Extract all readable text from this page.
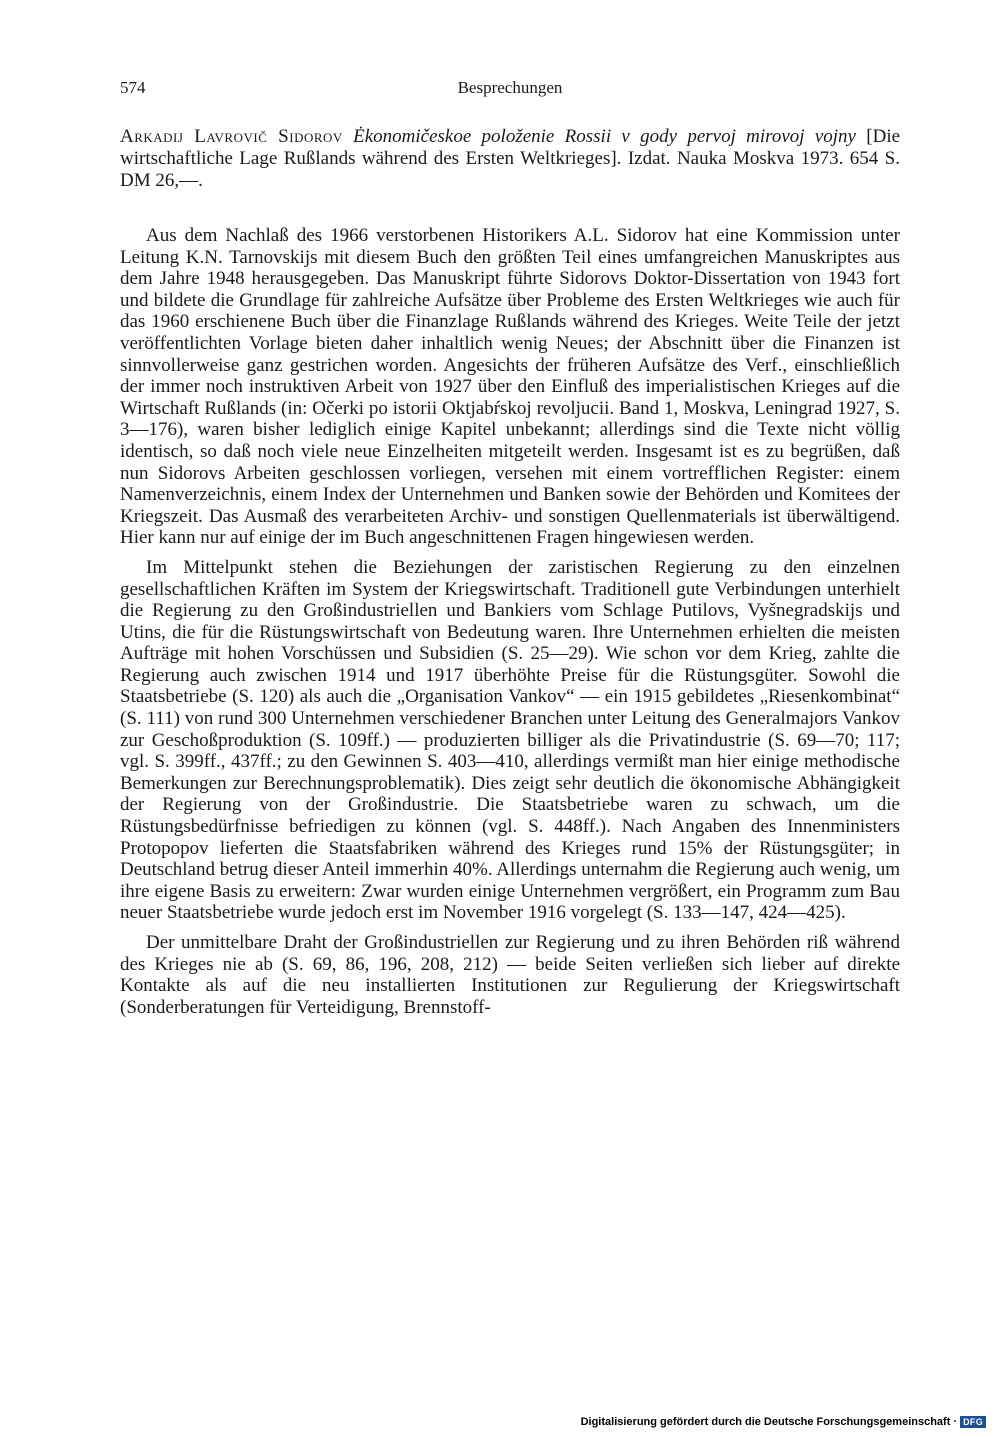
574	Besprechungen
Arkadij Lavrovič Sidorov Ėkonomičeskoe položenie Rossii v gody pervoj mirovoj vojny [Die wirtschaftliche Lage Rußlands während des Ersten Weltkrieges]. Izdat. Nauka Moskva 1973. 654 S. DM 26,—.

Aus dem Nachlaß des 1966 verstorbenen Historikers A.L. Sidorov hat eine Kommission unter Leitung K.N. Tarnovskijs mit diesem Buch den größten Teil eines umfangreichen Manuskriptes aus dem Jahre 1948 herausgegeben. Das Manuskript führte Sidorovs Doktor-Dissertation von 1943 fort und bildete die Grundlage für zahlreiche Aufsätze über Probleme des Ersten Weltkrieges wie auch für das 1960 erschienene Buch über die Finanzlage Rußlands während des Krieges. Weite Teile der jetzt veröffentlichten Vorlage bieten daher inhaltlich wenig Neues; der Abschnitt über die Finanzen ist sinnvollerweise ganz gestrichen worden. Angesichts der früheren Aufsätze des Verf., einschließlich der immer noch instruktiven Arbeit von 1927 über den Einfluß des imperialistischen Krieges auf die Wirtschaft Rußlands (in: Očerki po istorii Oktjabŕskoj revoljucii. Band 1, Moskva, Leningrad 1927, S. 3—176), waren bisher lediglich einige Kapitel unbekannt; allerdings sind die Texte nicht völlig identisch, so daß noch viele neue Einzelheiten mitgeteilt werden. Insgesamt ist es zu begrüßen, daß nun Sidorovs Arbeiten geschlossen vorliegen, versehen mit einem vortrefflichen Register: einem Namenverzeichnis, einem Index der Unternehmen und Banken sowie der Behörden und Komitees der Kriegszeit. Das Ausmaß des verarbeiteten Archiv- und sonstigen Quellenmaterials ist überwältigend. Hier kann nur auf einige der im Buch angeschnittenen Fragen hingewiesen werden.

Im Mittelpunkt stehen die Beziehungen der zaristischen Regierung zu den einzelnen gesellschaftlichen Kräften im System der Kriegswirtschaft. Traditionell gute Verbindungen unterhielt die Regierung zu den Großindustriellen und Bankiers vom Schlage Putilovs, Vyšnegradskijs und Utins, die für die Rüstungswirtschaft von Bedeutung waren. Ihre Unternehmen erhielten die meisten Aufträge mit hohen Vorschüssen und Subsidien (S. 25—29). Wie schon vor dem Krieg, zahlte die Regierung auch zwischen 1914 und 1917 überhöhte Preise für die Rüstungsgüter. Sowohl die Staatsbetriebe (S. 120) als auch die „Organisation Vankov“ — ein 1915 gebildetes „Riesenkombinat“ (S. 111) von rund 300 Unternehmen verschiedener Branchen unter Leitung des Generalmajors Vankov zur Geschoßproduktion (S. 109ff.) — produzierten billiger als die Privatindustrie (S. 69—70; 117; vgl. S. 399ff., 437ff.; zu den Gewinnen S. 403—410, allerdings vermißt man hier einige methodische Bemerkungen zur Berechnungsproblematik). Dies zeigt sehr deutlich die ökonomische Abhängigkeit der Regierung von der Großindustrie. Die Staatsbetriebe waren zu schwach, um die Rüstungsbedürfnisse befriedigen zu können (vgl. S. 448ff.). Nach Angaben des Innenministers Protopopov lieferten die Staatsfabriken während des Krieges rund 15% der Rüstungsgüter; in Deutschland betrug dieser Anteil immerhin 40%. Allerdings unternahm die Regierung auch wenig, um ihre eigene Basis zu erweitern: Zwar wurden einige Unternehmen vergrößert, ein Programm zum Bau neuer Staatsbetriebe wurde jedoch erst im November 1916 vorgelegt (S. 133—147, 424—425).

Der unmittelbare Draht der Großindustriellen zur Regierung und zu ihren Behörden riß während des Krieges nie ab (S. 69, 86, 196, 208, 212) — beide Seiten verließen sich lieber auf direkte Kontakte als auf die neu installierten Institutionen zur Regulierung der Kriegswirtschaft (Sonderberatungen für Verteidigung, Brennstoff-

Digitalisierung gefördert durch die Deutsche Forschungsgemeinschaft · DFG
